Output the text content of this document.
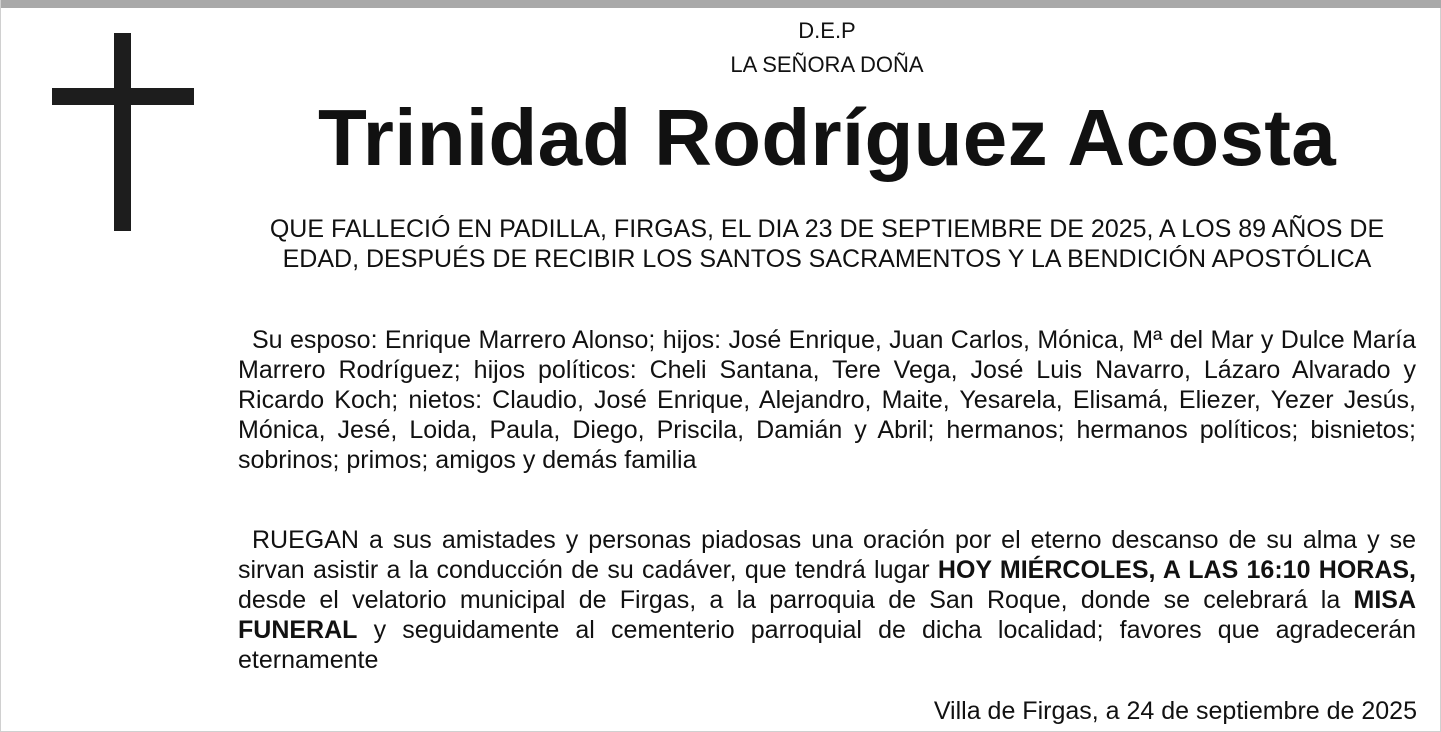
D.E.P
LA SEÑORA DOÑA
Trinidad Rodríguez Acosta
QUE FALLECIÓ EN PADILLA, FIRGAS, EL DIA 23 DE SEPTIEMBRE DE 2025, A LOS 89 AÑOS DE EDAD, DESPUÉS DE RECIBIR LOS SANTOS SACRAMENTOS Y LA BENDICIÓN APOSTÓLICA
Su esposo: Enrique Marrero Alonso; hijos: José Enrique, Juan Carlos, Mónica, Mª del Mar y Dulce María Marrero Rodríguez; hijos políticos: Cheli Santana, Tere Vega, José Luis Navarro, Lázaro Alvarado y Ricardo Koch; nietos: Claudio, José Enrique, Alejandro, Maite, Yesarela, Elisamá, Eliezer, Yezer Jesús, Mónica, Jesé, Loida, Paula, Diego, Priscila, Damián y Abril; hermanos; hermanos políticos; bisnietos; sobrinos; primos; amigos y demás familia
RUEGAN a sus amistades y personas piadosas una oración por el eterno descanso de su alma y se sirvan asistir a la conducción de su cadáver, que tendrá lugar HOY MIÉRCOLES, A LAS 16:10 HORAS, desde el velatorio municipal de Firgas, a la parroquia de San Roque, donde se celebrará la MISA FUNERAL y seguidamente al cementerio parroquial de dicha localidad; favores que agradecerán eternamente
Villa de Firgas, a 24 de septiembre de 2025
